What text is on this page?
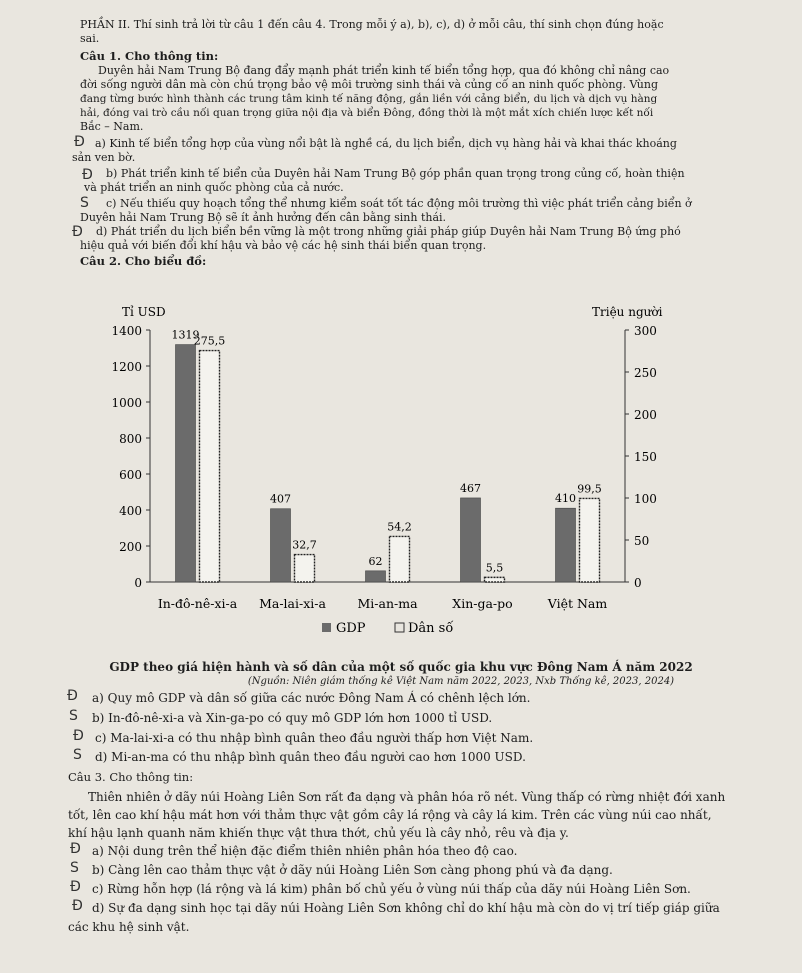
PHẦN II. Thí sinh trả lời từ câu 1 đến câu 4. Trong mỗi ý a), b), c), d) ở mỗi câu, thí sinh chọn đúng hoặc
sai.
Câu 1. Cho thông tin:
Duyên hải Nam Trung Bộ đang đẩy mạnh phát triển kinh tế biển tổng hợp, qua đó không chỉ nâng cao
đời sống người dân mà còn chú trọng bảo vệ môi trường sinh thái và củng cố an ninh quốc phòng. Vùng
đang từng bước hình thành các trung tâm kinh tế năng động, gắn liền với cảng biển, du lịch và dịch vụ hàng
hải, đóng vai trò cầu nối quan trọng giữa nội địa và biển Đông, đồng thời là một mắt xích chiến lược kết nối
Bắc – Nam.
Đ a) Kinh tế biển tổng hợp của vùng nổi bật là nghề cá, du lịch biển, dịch vụ hàng hải và khai thác khoáng
sản ven bờ.
Đ b) Phát triển kinh tế biển của Duyên hải Nam Trung Bộ góp phần quan trọng trong củng cố, hoàn thiện
và phát triển an ninh quốc phòng của cả nước.
S c) Nếu thiếu quy hoạch tổng thể nhưng kiểm soát tốt tác động môi trường thì việc phát triển cảng biển ở
Duyên hải Nam Trung Bộ sẽ ít ảnh hưởng đến cân bằng sinh thái.
Đ d) Phát triển du lịch biển bền vững là một trong những giải pháp giúp Duyên hải Nam Trung Bộ ứng phó
hiệu quả với biến đổi khí hậu và bảo vệ các hệ sinh thái biển quan trọng.
Câu 2. Cho biểu đồ:
Tỉ USD	Triệu người
0
200
400
600
800
1000
1200
1400
0
50
100
150
200
250
300
1319
275,5
In-đô-nê-xi-a
407
32,7
Ma-lai-xi-a
62
54,2
Mi-an-ma
467
5,5
Xin-ga-po
410
99,5
Việt Nam
GDP	Dân số
GDP theo giá hiện hành và số dân của một số quốc gia khu vực Đông Nam Á năm 2022
(Nguồn: Niên giám thống kê Việt Nam năm 2022, 2023, Nxb Thống kê, 2023, 2024)
Đ a) Quy mô GDP và dân số giữa các nước Đông Nam Á có chênh lệch lớn.
S b) In-đô-nê-xi-a và Xin-ga-po có quy mô GDP lớn hơn 1000 tỉ USD.
Đ c) Ma-lai-xi-a có thu nhập bình quân theo đầu người thấp hơn Việt Nam.
S d) Mi-an-ma có thu nhập bình quân theo đầu người cao hơn 1000 USD.
Câu 3. Cho thông tin:
Thiên nhiên ở dãy núi Hoàng Liên Sơn rất đa dạng và phân hóa rõ nét. Vùng thấp có rừng nhiệt đới xanh
tốt, lên cao khí hậu mát hơn với thảm thực vật gồm cây lá rộng và cây lá kim. Trên các vùng núi cao nhất,
khí hậu lạnh quanh năm khiến thực vật thưa thớt, chủ yếu là cây nhỏ, rêu và địa y.
Đ a) Nội dung trên thể hiện đặc điểm thiên nhiên phân hóa theo độ cao.
S b) Càng lên cao thảm thực vật ở dãy núi Hoàng Liên Sơn càng phong phú và đa dạng.
Đ c) Rừng hỗn hợp (lá rộng và lá kim) phân bố chủ yếu ở vùng núi thấp của dãy núi Hoàng Liên Sơn.
Đ d) Sự đa dạng sinh học tại dãy núi Hoàng Liên Sơn không chỉ do khí hậu mà còn do vị trí tiếp giáp giữa
các khu hệ sinh vật.
